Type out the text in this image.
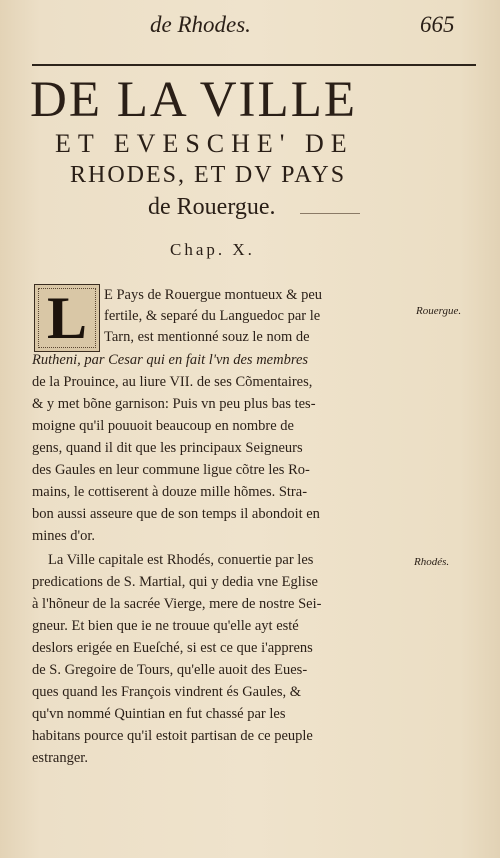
de Rhodes.	665
DE LA VILLE
ET EVESCHE' DE
RHODES, ET DV PAYS
de Rouergue.
Chap. X.
L E Pays de Rouergue montueux & peu
fertile, & separé du Languedoc par le
Tarn, est mentionné souz le nom de
Rutheni, par Cesar qui en fait l'vn des membres
de la Prouince, au liure VII. de ses Cõmentaires,
& y met bõne garnison: Puis vn peu plus bas tes-
moigne qu'il pouuoit beaucoup en nombre de
gens, quand il dit que les principaux Seigneurs
des Gaules en leur commune ligue cõtre les Ro-
mains, le cottiserent à douze mille hõmes. Stra-
bon aussi asseure que de son temps il abondoit en
mines d'or.
La Ville capitale est Rhodés, conuertie par les
predications de S. Martial, qui y dedia vne Eglise
à l'hõneur de la sacrée Vierge, mere de nostre Sei-
gneur. Et bien que ie ne trouue qu'elle ayt esté
deslors erigée en Eueſché, si est ce que i'apprens
de S. Gregoire de Tours, qu'elle auoit des Eues-
ques quand les François vindrent és Gaules, &
qu'vn nommé Quintian en fut chassé par les
habitans pource qu'il estoit partisan de ce peuple
estranger.
Rouergue.
Rhodés.
